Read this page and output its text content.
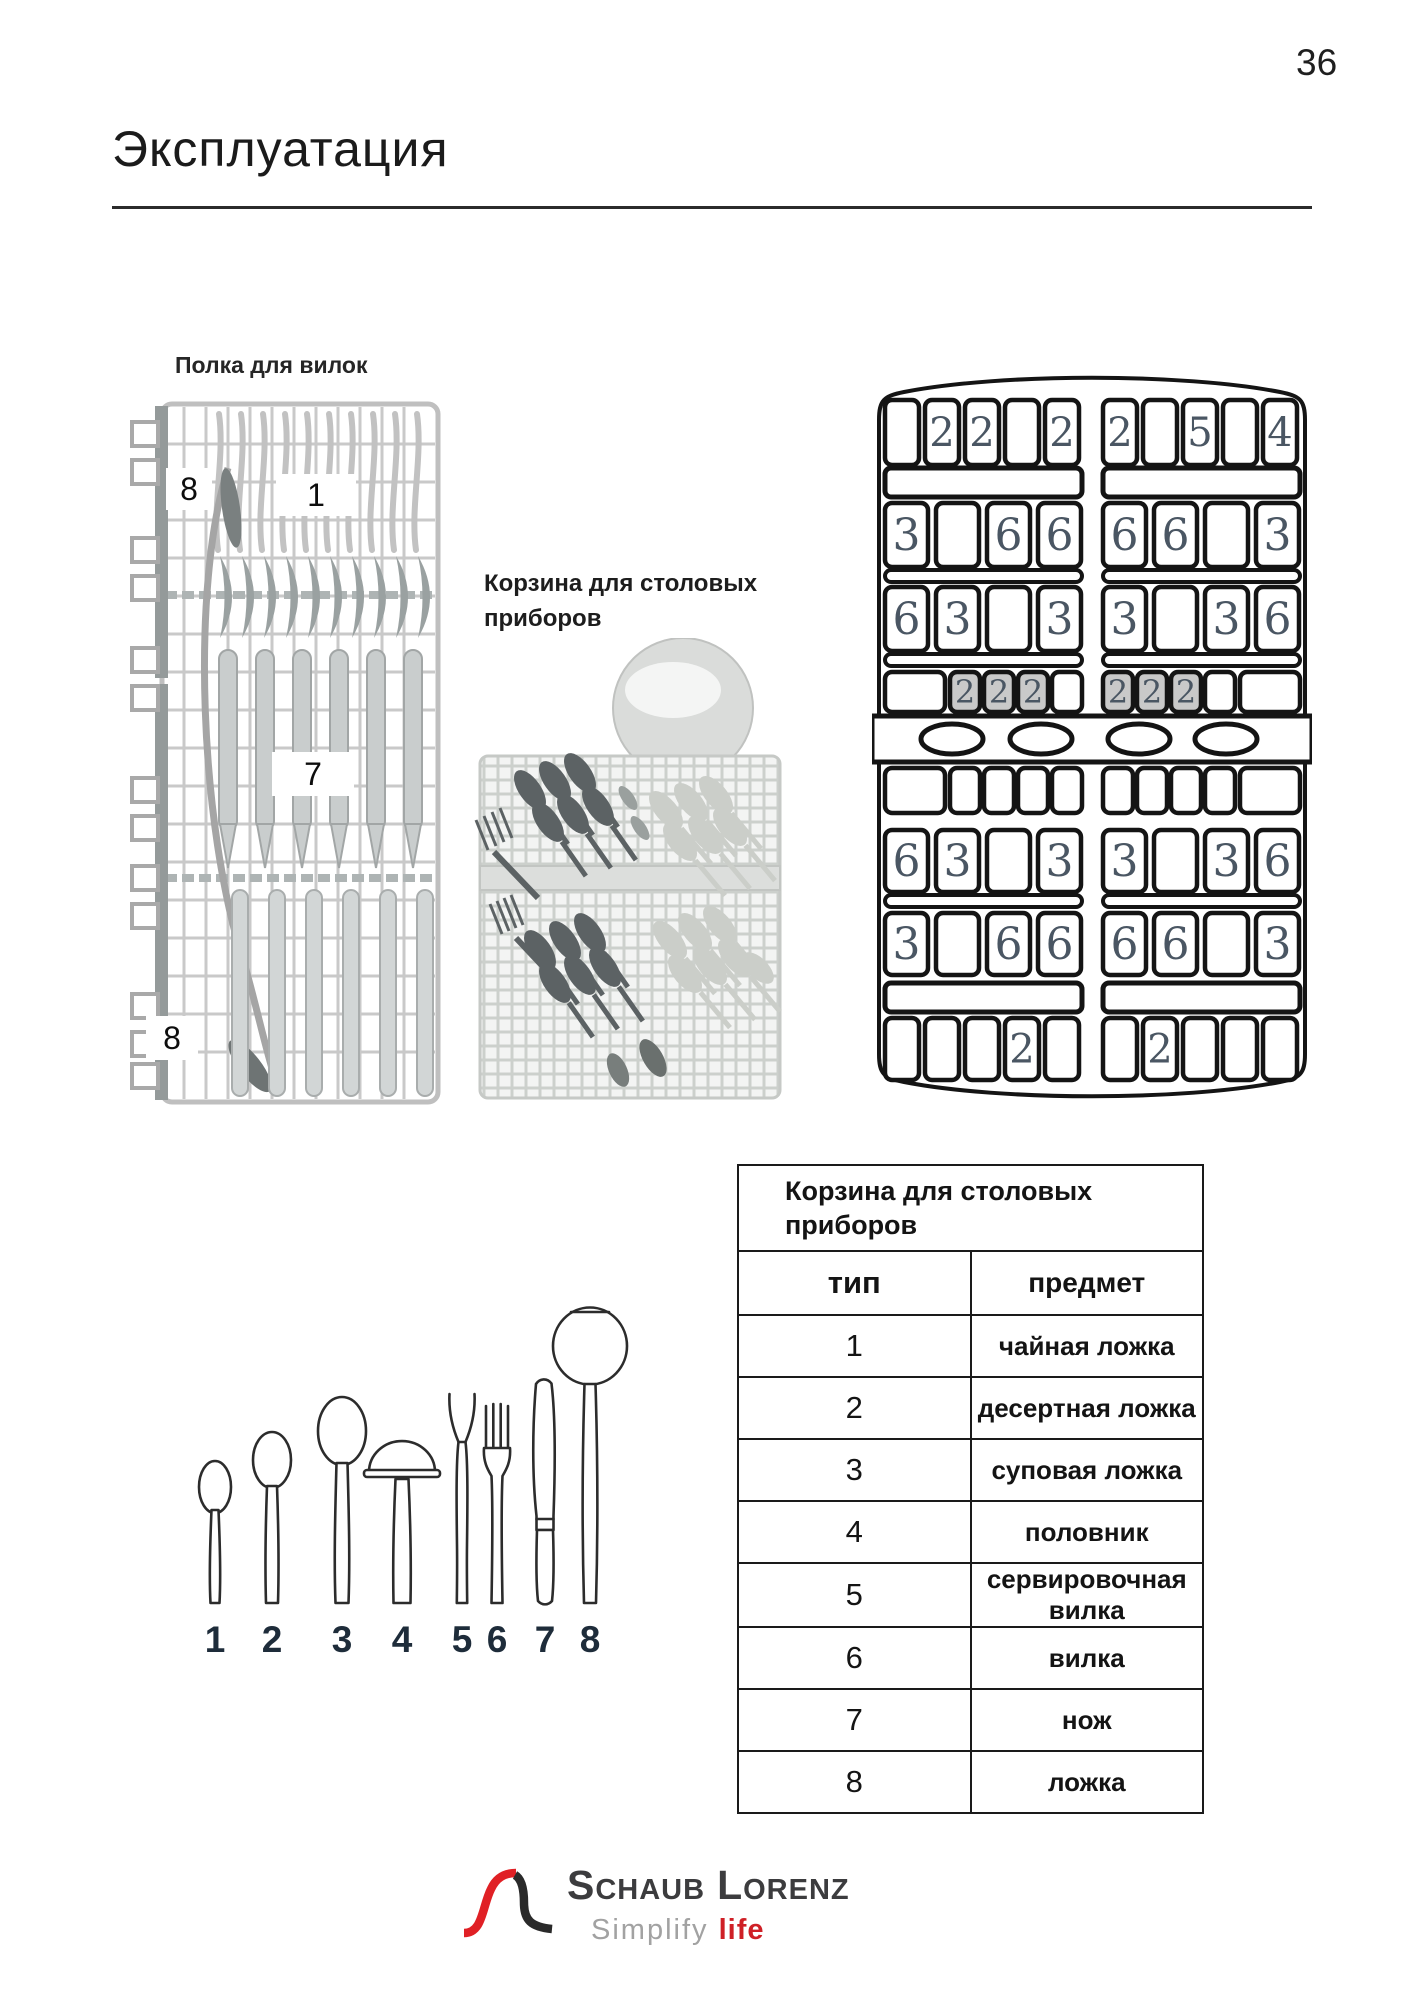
36
Эксплуатация
Полка для вилок
8	1
7
8
Корзина для столовых
приборов
2 2 2 2 5 4
3 6 6 6 6 3
6 3 3 3 3 6
2 2 2 2 2 2
6 3 3 3 3 6
3 6 6 6 6 3
2	2
1 2 3 4 5 6 7 8
Корзина для столовых
приборов	

тип	предмет
1	чайная ложка
2	десертная ложка
3	суповая ложка
4	половник
5	сервировочная вилка
6	вилка
7	нож
8	ложка
Schaub Lorenz
Simplify life
